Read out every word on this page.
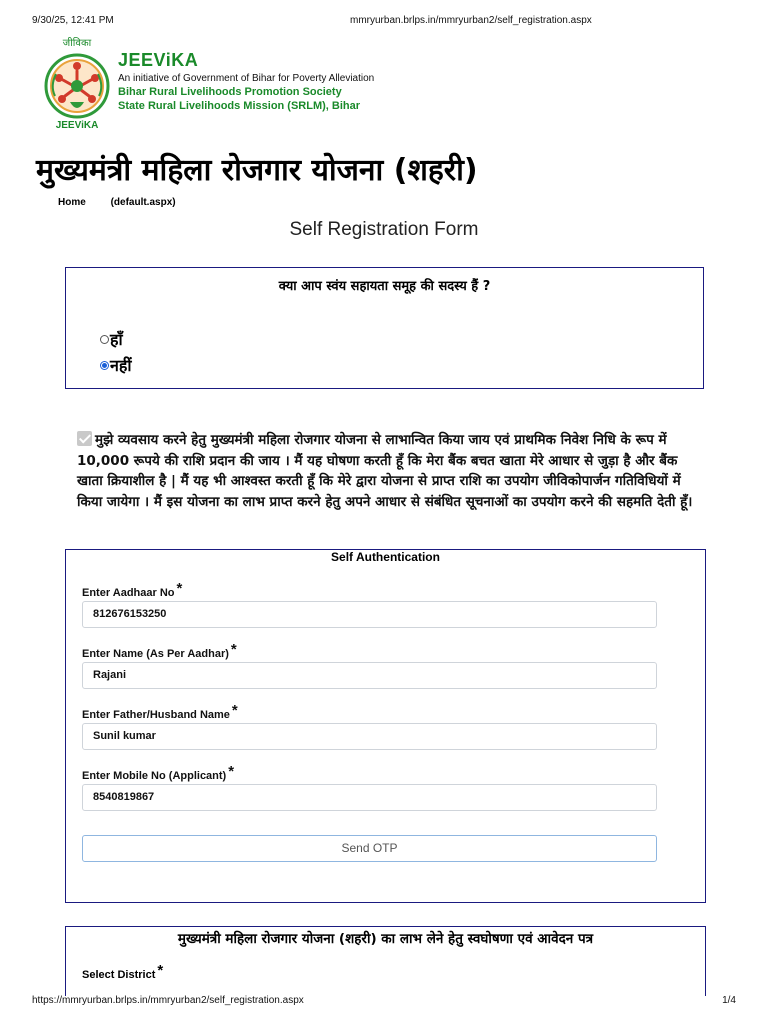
9/30/25, 12:41 PM	mmryurban.brlps.in/mmryurban2/self_registration.aspx
जीविका
JEEViKA
JEEViKA
An initiative of Government of Bihar for Poverty Alleviation
Bihar Rural Livelihoods Promotion Society
State Rural Livelihoods Mission (SRLM), Bihar
मुख्यमंत्री महिला रोजगार योजना (शहरी)
Home (default.aspx)
Self Registration Form
क्या आप स्वंय सहायता समूह की सदस्य हैं ?
हाँ
नहीं
मुझे व्यवसाय करने हेतु मुख्यमंत्री महिला रोजगार योजना से लाभान्वित किया जाय एवं प्राथमिक निवेश निधि के रूप में 10,000 रूपये की राशि प्रदान की जाय । मैं यह घोषणा करती हूँ कि मेरा बैंक बचत खाता मेरे आधार से जुड़ा है और बैंक खाता क्रियाशील है | मैं यह भी आश्वस्त करती हूँ कि मेरे द्वारा योजना से प्राप्त राशि का उपयोग जीविकोपार्जन गतिविधियों में किया जायेगा । मैं इस योजना का लाभ प्राप्त करने हेतु अपने आधार से संबंधित सूचनाओं का उपयोग करने की सहमति देती हूँ।
Self Authentication
Enter Aadhaar No *
812676153250
Enter Name (As Per Aadhar) *
Rajani
Enter Father/Husband Name *
Sunil kumar
Enter Mobile No (Applicant) *
8540819867
Send OTP
मुख्यमंत्री महिला रोजगार योजना (शहरी) का लाभ लेने हेतु स्वघोषणा एवं आवेदन पत्र
Select District *
https://mmryurban.brlps.in/mmryurban2/self_registration.aspx	1/4
